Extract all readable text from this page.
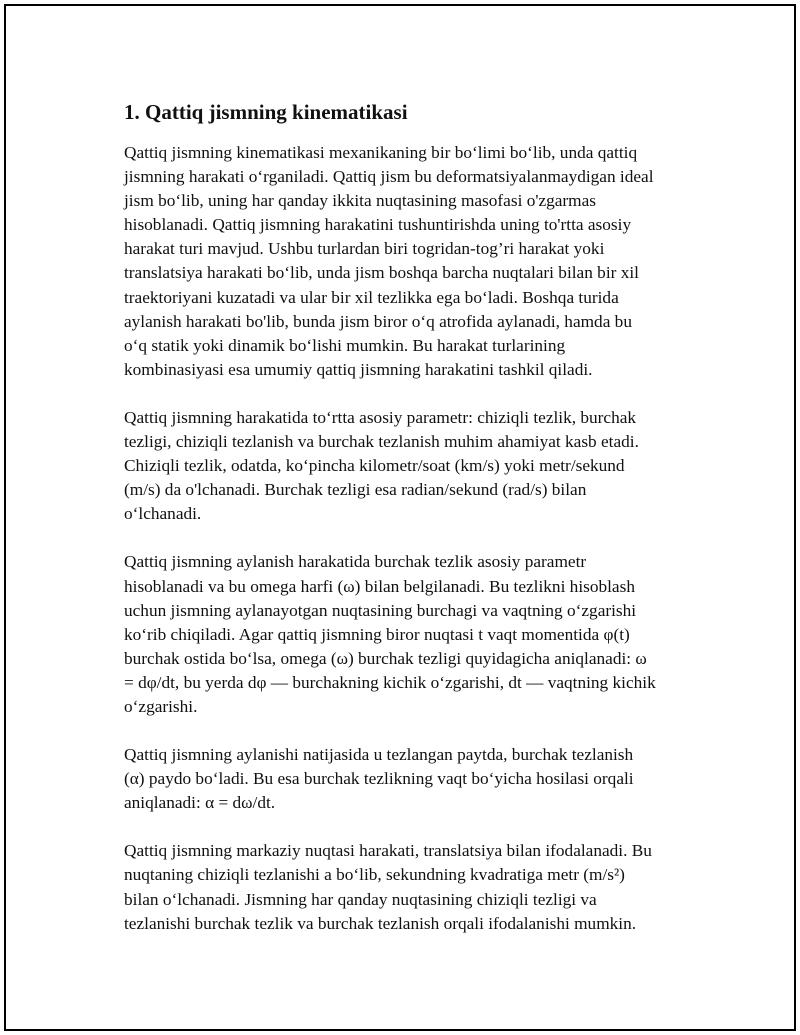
1. Qattiq jismning kinematikasi

Qattiq jismning kinematikasi mexanikaning bir bo‘limi bo‘lib, unda qattiq
jismning harakati o‘rganiladi. Qattiq jism bu deformatsiyalanmaydigan ideal
jism bo‘lib, uning har qanday ikkita nuqtasining masofasi o'zgarmas
hisoblanadi. Qattiq jismning harakatini tushuntirishda uning to'rtta asosiy
harakat turi mavjud. Ushbu turlardan biri togridan-tog’ri harakat yoki
translatsiya harakati bo‘lib, unda jism boshqa barcha nuqtalari bilan bir xil
traektoriyani kuzatadi va ular bir xil tezlikka ega bo‘ladi. Boshqa turida
aylanish harakati bo'lib, bunda jism biror o‘q atrofida aylanadi, hamda bu
o‘q statik yoki dinamik bo‘lishi mumkin. Bu harakat turlarining
kombinasiyasi esa umumiy qattiq jismning harakatini tashkil qiladi.

Qattiq jismning harakatida to‘rtta asosiy parametr: chiziqli tezlik, burchak
tezligi, chiziqli tezlanish va burchak tezlanish muhim ahamiyat kasb etadi.
Chiziqli tezlik, odatda, ko‘pincha kilometr/soat (km/s) yoki metr/sekund
(m/s) da o'lchanadi. Burchak tezligi esa radian/sekund (rad/s) bilan
o‘lchanadi.

Qattiq jismning aylanish harakatida burchak tezlik asosiy parametr
hisoblanadi va bu omega harfi (ω) bilan belgilanadi. Bu tezlikni hisoblash
uchun jismning aylanayotgan nuqtasining burchagi va vaqtning o‘zgarishi
ko‘rib chiqiladi. Agar qattiq jismning biror nuqtasi t vaqt momentida φ(t)
burchak ostida bo‘lsa, omega (ω) burchak tezligi quyidagicha aniqlanadi: ω
= dφ/dt, bu yerda dφ — burchakning kichik o‘zgarishi, dt — vaqtning kichik
o‘zgarishi.

Qattiq jismning aylanishi natijasida u tezlangan paytda, burchak tezlanish
(α) paydo bo‘ladi. Bu esa burchak tezlikning vaqt bo‘yicha hosilasi orqali
aniqlanadi: α = dω/dt.

Qattiq jismning markaziy nuqtasi harakati, translatsiya bilan ifodalanadi. Bu
nuqtaning chiziqli tezlanishi a bo‘lib, sekundning kvadratiga metr (m/s²)
bilan o‘lchanadi. Jismning har qanday nuqtasining chiziqli tezligi va
tezlanishi burchak tezlik va burchak tezlanish orqali ifodalanishi mumkin.
